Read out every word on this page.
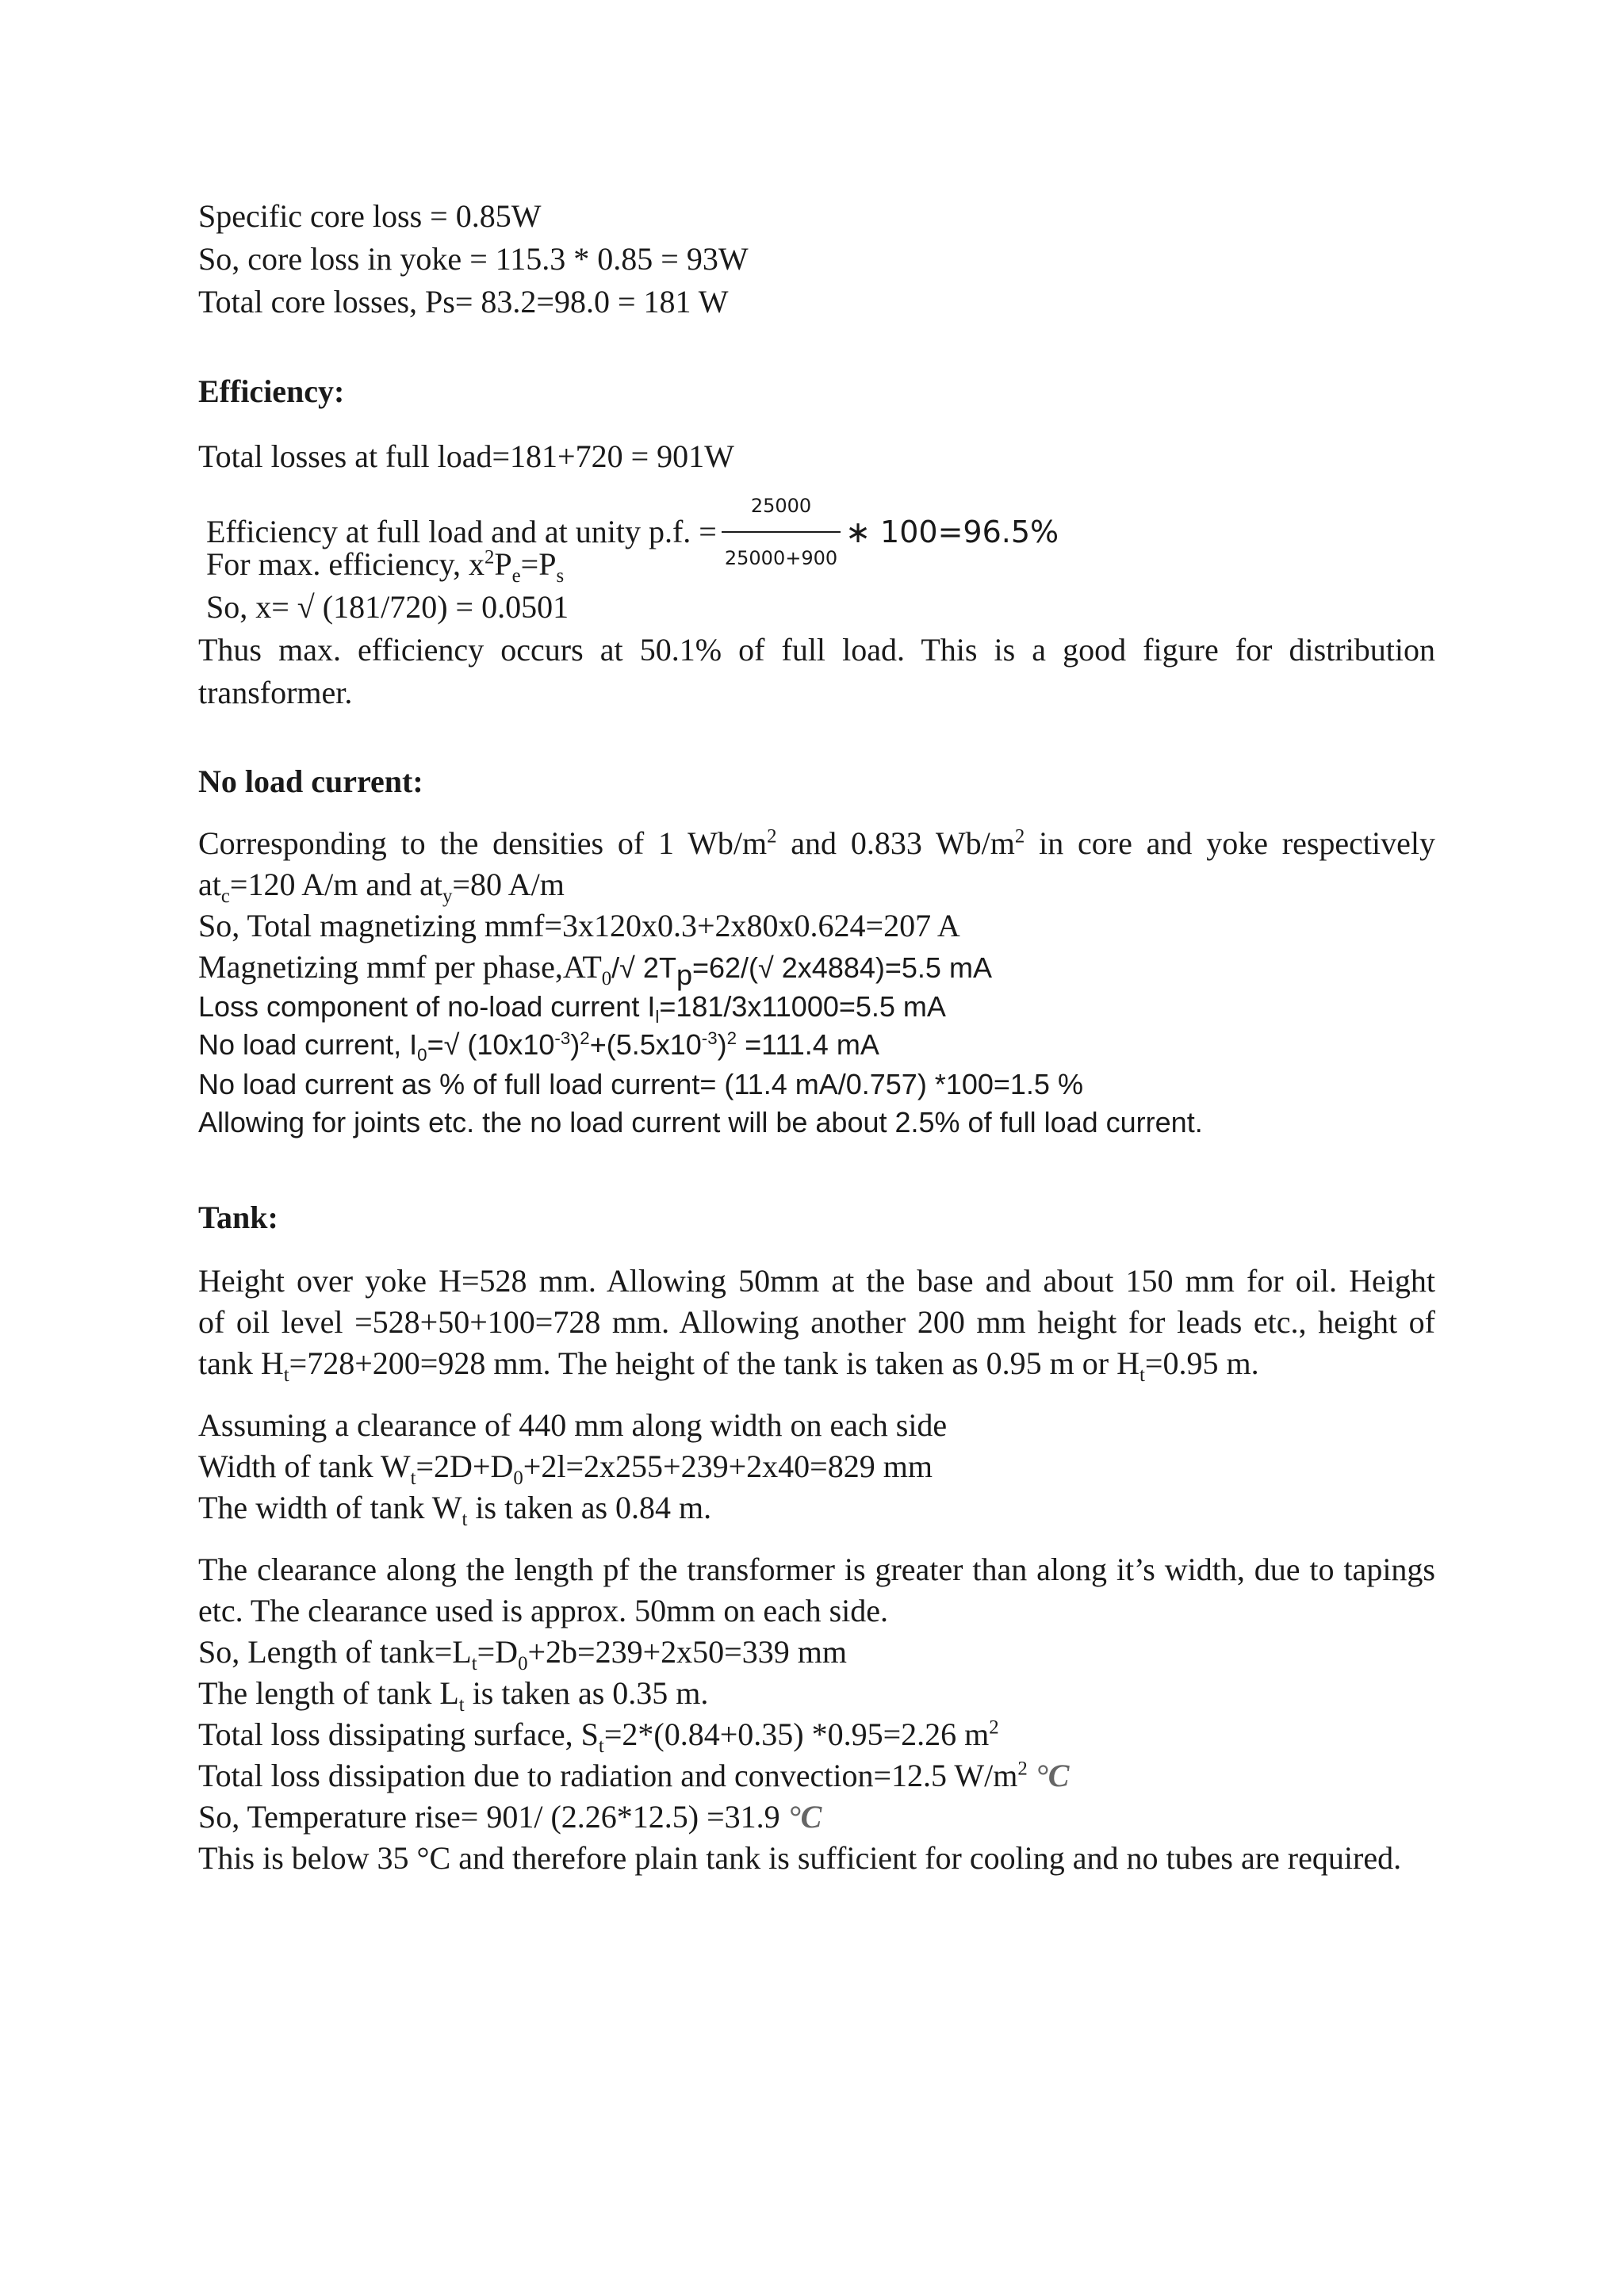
Specific core loss = 0.85W
So, core loss in yoke = 115.3 * 0.85 = 93W
Total core losses, Ps= 83.2=98.0 = 181 W
Efficiency:
Total losses at full load=181+720 = 901W
Efficiency at full load and at unity p.f. = $\frac{25000}{25000+900}$ ∗ 100=96.5%
For max. efficiency, $x^2P_e=P_s$
So, x= √ (181/720) = 0.0501
Thus max. efficiency occurs at 50.1% of full load. This is a good figure for distribution
transformer.
No load current:
Corresponding to the densities of 1 $Wb/m^2$ and 0.833 $Wb/m^2$ in core and yoke respectively
$at_c=120$ A/m and $at_y=80$ A/m
So, Total magnetizing mmf=3x120x0.3+2x80x0.624=207 A
Magnetizing mmf per $phase,AT_0/√$ $2T_p=62/(√$ 2x4884)=5.5 mA
Loss component of no-load current $I_l=181/3x11000=5.5$ mA
No load current, $I_0=√$ $(10x10^{-3})^2+(5.5x10^{-3})^2 =111.4$ mA
No load current as % of full load current= (11.4 mA/0.757) *100=1.5 %
Allowing for joints etc. the no load current will be about 2.5% of full load current.
Tank:
Height over yoke H=528 mm. Allowing 50mm at the base and about 150 mm for oil. Height
of oil level =528+50+100=728 mm. Allowing another 200 mm height for leads etc., height of
tank $H_t=728+200=928$ mm. The height of the tank is taken as 0.95 m or $H_t=0.95$ m.
Assuming a clearance of 440 mm along width on each side
Width of tank $W_t=2D+D_0+2l=2x255+239+2x40=829$ mm
The width of tank $W_t$ is taken as 0.84 m.
The clearance along the length pf the transformer is greater than along it’s width, due to tapings
etc. The clearance used is approx. 50mm on each side.
So, Length of $\tan k=L_t=D_0+2b=239+2x50=339$ mm
The length of tank $L_t$ is taken as 0.35 m.
Total loss dissipating surface, $S_t=2*(0.84+0.35)$ *0.95=2.26 $m^2$
Total loss dissipation due to radiation and convection=12.5 $W/m^2$ °C
So, Temperature rise= 901/ (2.26*12.5) =31.9 °C
This is below 35 °C and therefore plain tank is sufficient for cooling and no tubes are required.
